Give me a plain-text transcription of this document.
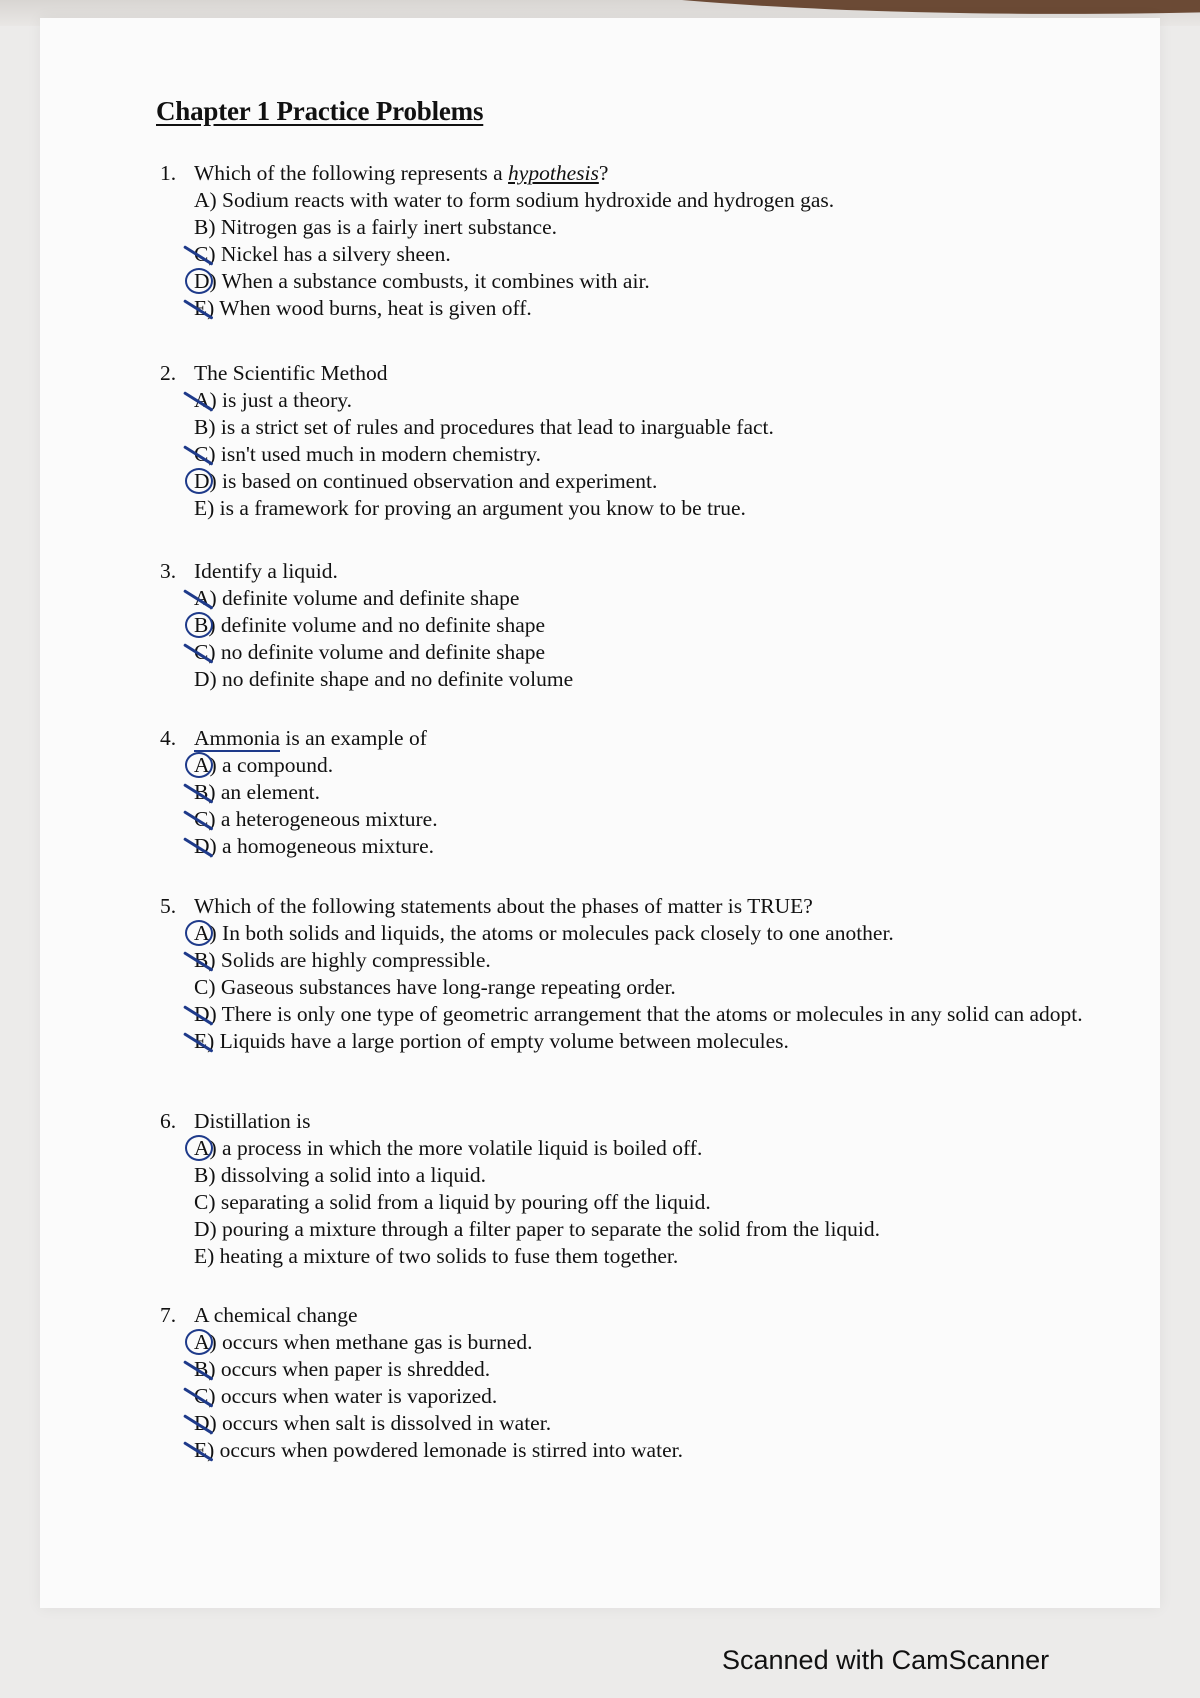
Chapter 1 Practice Problems
1. Which of the following represents a hypothesis?
A) Sodium reacts with water to form sodium hydroxide and hydrogen gas.
B) Nitrogen gas is a fairly inert substance.
C) Nickel has a silvery sheen.
D) When a substance combusts, it combines with air.
E) When wood burns, heat is given off.
2. The Scientific Method
A) is just a theory.
B) is a strict set of rules and procedures that lead to inarguable fact.
C) isn't used much in modern chemistry.
D) is based on continued observation and experiment.
E) is a framework for proving an argument you know to be true.
3. Identify a liquid.
A) definite volume and definite shape
B) definite volume and no definite shape
C) no definite volume and definite shape
D) no definite shape and no definite volume
4. Ammonia
is an example of
A) a compound.
B) an element.
C) a heterogeneous mixture.
D) a homogeneous mixture.
5. Which of the following statements about the phases of matter is TRUE?
A) In both solids and liquids, the atoms or molecules pack closely to one another.
B) Solids are highly compressible.
C) Gaseous substances have long-range repeating order.
D) There is only one type of geometric arrangement that the atoms or molecules in any solid can adopt.
E) Liquids have a large portion of empty volume between molecules.
6. Distillation is
A) a process in which the more volatile liquid is boiled off.
B) dissolving a solid into a liquid.
C) separating a solid from a liquid by pouring off the liquid.
D) pouring a mixture through a filter paper to separate the solid from the liquid.
E) heating a mixture of two solids to fuse them together.
7. A chemical change
A) occurs when methane gas is burned.
B) occurs when paper is shredded.
C) occurs when water is vaporized.
D) occurs when salt is dissolved in water.
E) occurs when powdered lemonade is stirred into water.
Scanned with CamScanner
